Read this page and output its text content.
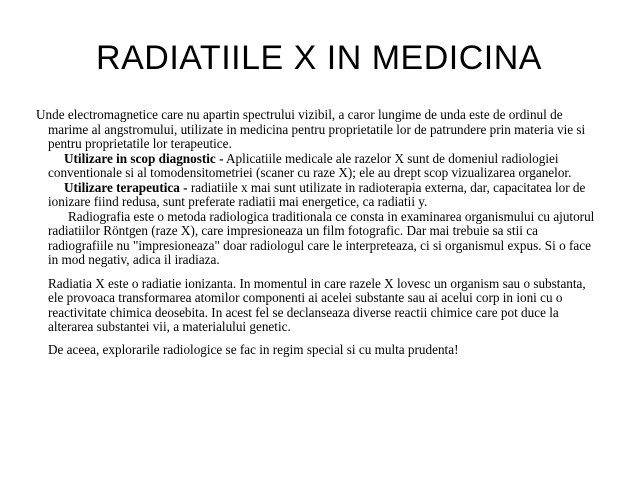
RADIATIILE X IN MEDICINA

Unde electromagnetice care nu apartin spectrului vizibil, a caror lungime de unda este de ordinul de marime al angstromului, utilizate in medicina pentru proprietatile lor de patrundere prin materia vie si pentru proprietatile lor terapeutice.

Utilizare in scop diagnostic - Aplicatiile medicale ale razelor X sunt de domeniul radiologiei conventionale si al tomodensitometriei (scaner cu raze X); ele au drept scop vizualizarea organelor.

Utilizare terapeutica - radiatiile x mai sunt utilizate in radioterapia externa, dar, capacitatea lor de ionizare fiind redusa, sunt preferate radiatii mai energetice, ca radiatii y.

Radiografia este o metoda radiologica traditionala ce consta in examinarea organismului cu ajutorul radiatiilor Röntgen (raze X), care impresioneaza un film fotografic. Dar mai trebuie sa stii ca radiografiile nu "impresioneaza" doar radiologul care le interpreteaza, ci si organismul expus. Si o face in mod negativ, adica il iradiaza.

Radiatia X este o radiatie ionizanta. In momentul in care razele X lovesc un organism sau o substanta, ele provoaca transformarea atomilor componenti ai acelei substante sau ai acelui corp in ioni cu o reactivitate chimica deosebita. In acest fel se declanseaza diverse reactii chimice care pot duce la alterarea substantei vii, a materialului genetic.

De aceea, explorarile radiologice se fac in regim special si cu multa prudenta!
